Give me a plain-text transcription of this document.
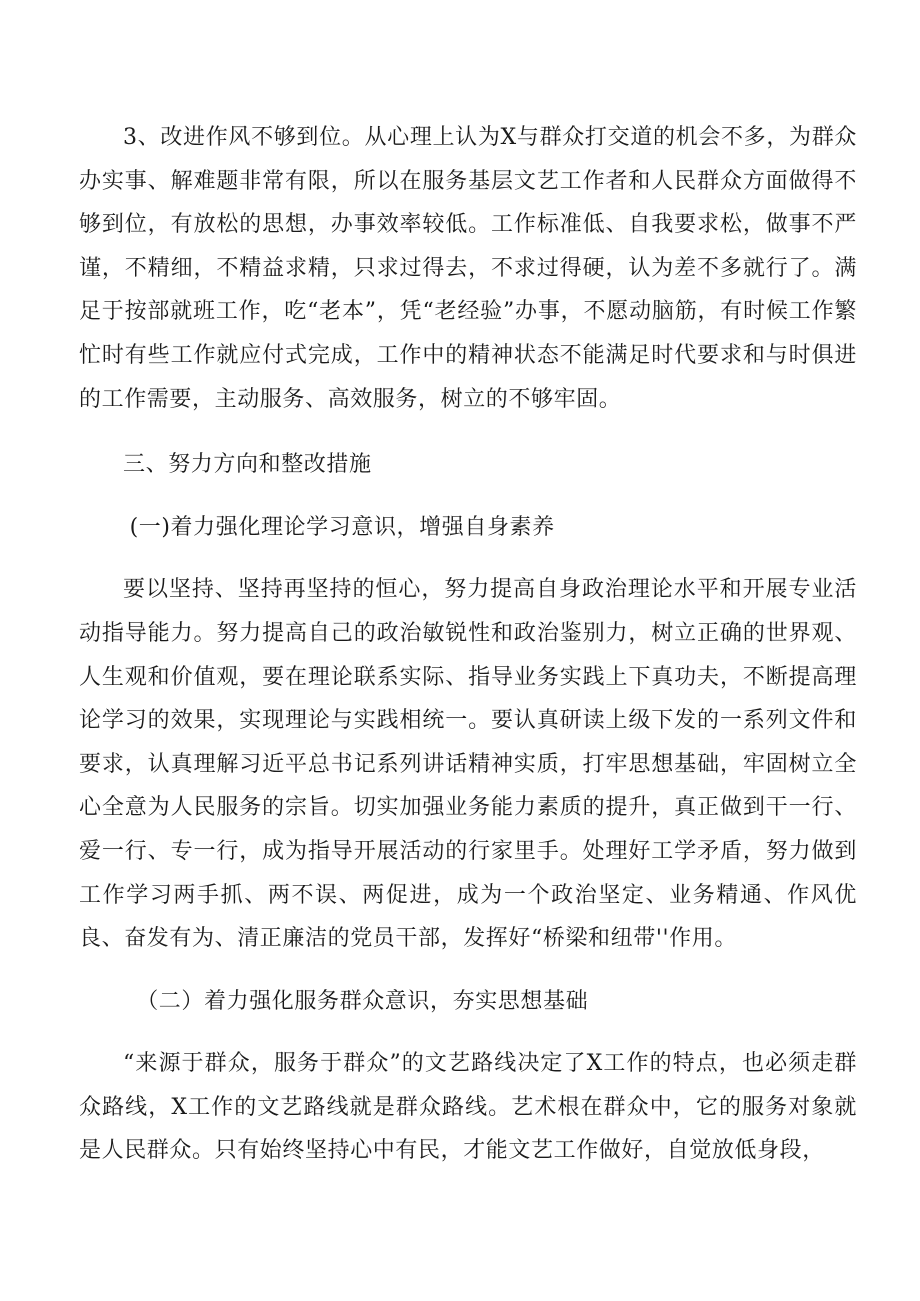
3、改进作风不够到位。从心理上认为X与群众打交道的机会不多，为群众办实事、解难题非常有限，所以在服务基层文艺工作者和人民群众方面做得不够到位，有放松的思想，办事效率较低。工作标准低、自我要求松，做事不严谨，不精细，不精益求精，只求过得去，不求过得硬，认为差不多就行了。满足于按部就班工作，吃“老本”，凭“老经验”办事，不愿动脑筋，有时候工作繁忙时有些工作就应付式完成，工作中的精神状态不能满足时代要求和与时俱进的工作需要，主动服务、高效服务，树立的不够牢固。

三、努力方向和整改措施

(一)着力强化理论学习意识，增强自身素养

要以坚持、坚持再坚持的恒心，努力提高自身政治理论水平和开展专业活动指导能力。努力提高自己的政治敏锐性和政治鉴别力，树立正确的世界观、人生观和价值观，要在理论联系实际、指导业务实践上下真功夫，不断提高理论学习的效果，实现理论与实践相统一。要认真研读上级下发的一系列文件和要求，认真理解习近平总书记系列讲话精神实质，打牢思想基础，牢固树立全心全意为人民服务的宗旨。切实加强业务能力素质的提升，真正做到干一行、爱一行、专一行，成为指导开展活动的行家里手。处理好工学矛盾，努力做到工作学习两手抓、两不误、两促进，成为一个政治坚定、业务精通、作风优良、奋发有为、清正廉洁的党员干部，发挥好“桥梁和纽带''作用。

（二）着力强化服务群众意识，夯实思想基础

“来源于群众，服务于群众”的文艺路线决定了X工作的特点，也必须走群众路线，X工作的文艺路线就是群众路线。艺术根在群众中，它的服务对象就是人民群众。只有始终坚持心中有民，才能文艺工作做好，自觉放低身段，
